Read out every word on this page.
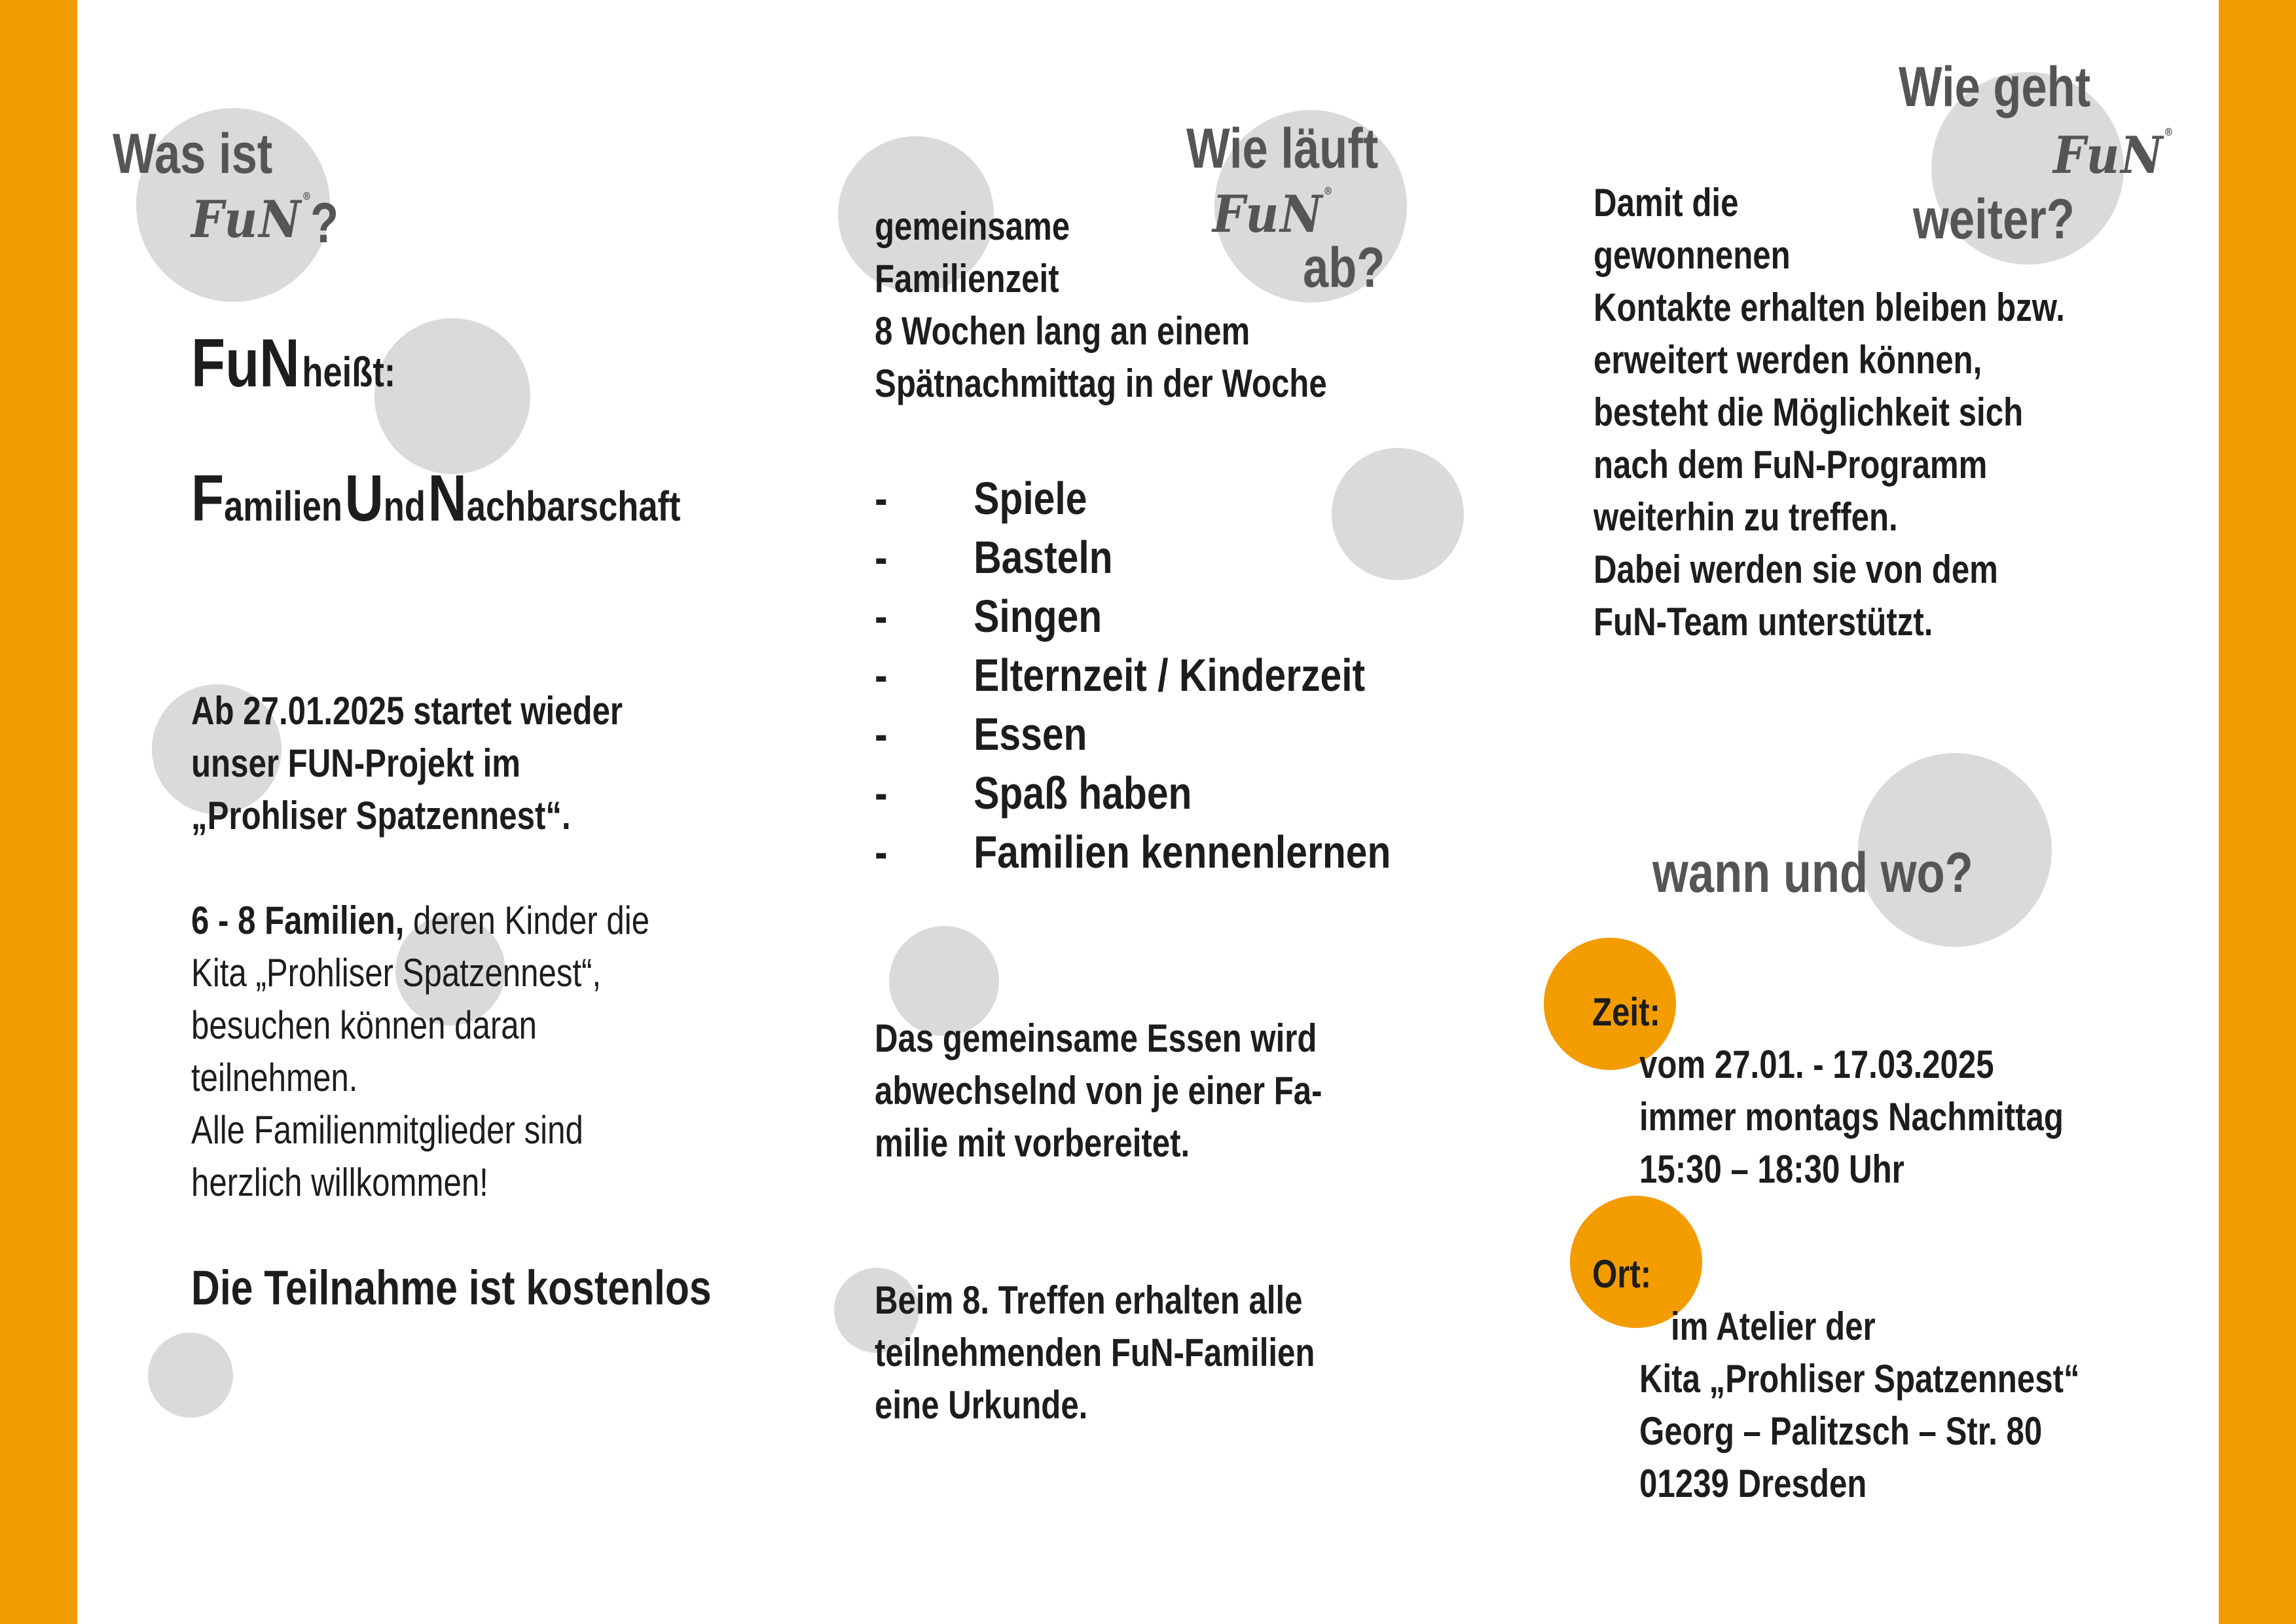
Was ist
FuN®
?
FuN heißt:
Familien Und Nachbarschaft
Ab 27.01.2025 startet wieder
unser FUN-Projekt im
„Prohliser Spatzennest“.
6 - 8 Familien, deren Kinder die
Kita „Prohliser Spatzennest“,
besuchen können daran
teilnehmen.
Alle Familienmitglieder sind
herzlich willkommen!
Die Teilnahme ist kostenlos
Wie läuft
FuN®
ab?
gemeinsame
Familienzeit
8 Wochen lang an einem
Spätnachmittag in der Woche
- Spiele
- Basteln
- Singen
- Elternzeit / Kinderzeit
- Essen
- Spaß haben
- Familien kennenlernen
Das gemeinsame Essen wird
abwechselnd von je einer Fa-
milie mit vorbereitet.
Beim 8. Treffen erhalten alle
teilnehmenden FuN-Familien
eine Urkunde.
Wie geht
FuN®
weiter?
Damit die
gewonnenen
Kontakte erhalten bleiben bzw.
erweitert werden können,
besteht die Möglichkeit sich
nach dem FuN-Programm
weiterhin zu treffen.
Dabei werden sie von dem
FuN-Team unterstützt.
wann und wo?
Zeit:
vom 27.01. - 17.03.2025
immer montags Nachmittag
15:30 – 18:30 Uhr
Ort:
im Atelier der
Kita „Prohliser Spatzennest“
Georg – Palitzsch – Str. 80
01239 Dresden
